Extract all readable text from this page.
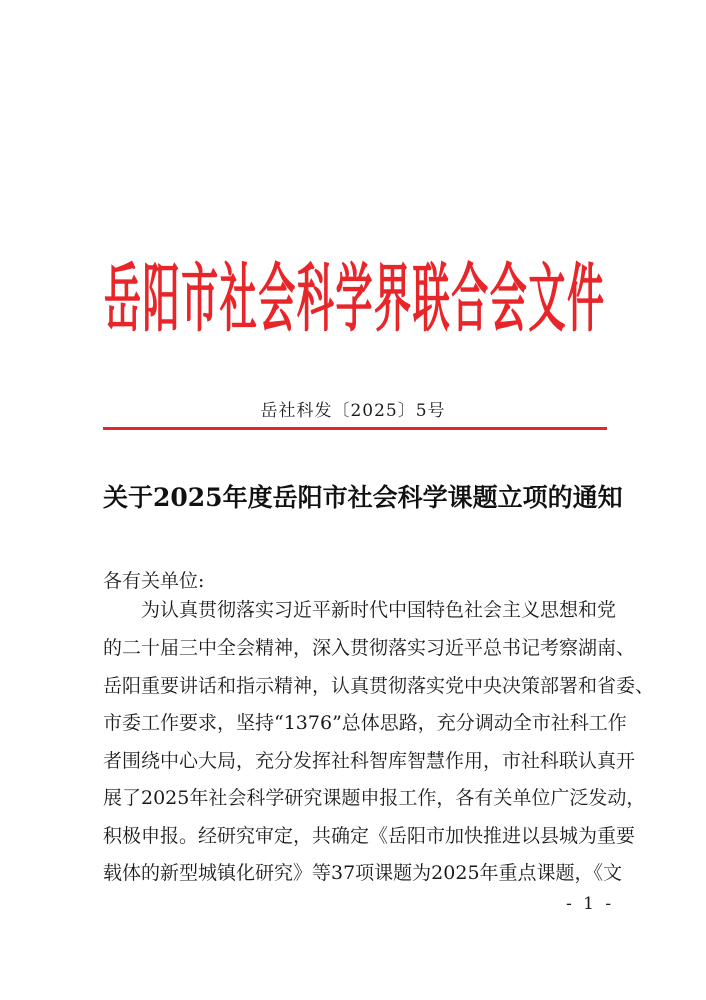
岳 阳 市 社 会 科 学 界 联 合 会 文 件
岳社科发〔2025〕5号
关于2025年度岳阳市社会科学课题立项的通知
各有关单位:
　　为认真贯彻落实习近平新时代中国特色社会主义思想和党
的二十届三中全会精神，深入贯彻落实习近平总书记考察湖南、
岳阳重要讲话和指示精神，认真贯彻落实党中央决策部署和省委、
市委工作要求，坚持“1376”总体思路，充分调动全市社科工作
者围绕中心大局，充分发挥社科智库智慧作用，市社科联认真开
展了2025年社会科学研究课题申报工作，各有关单位广泛发动，
积极申报。经研究审定，共确定《岳阳市加快推进以县城为重要
载体的新型城镇化研究》等37项课题为2025年重点课题，《文
- 1 -
